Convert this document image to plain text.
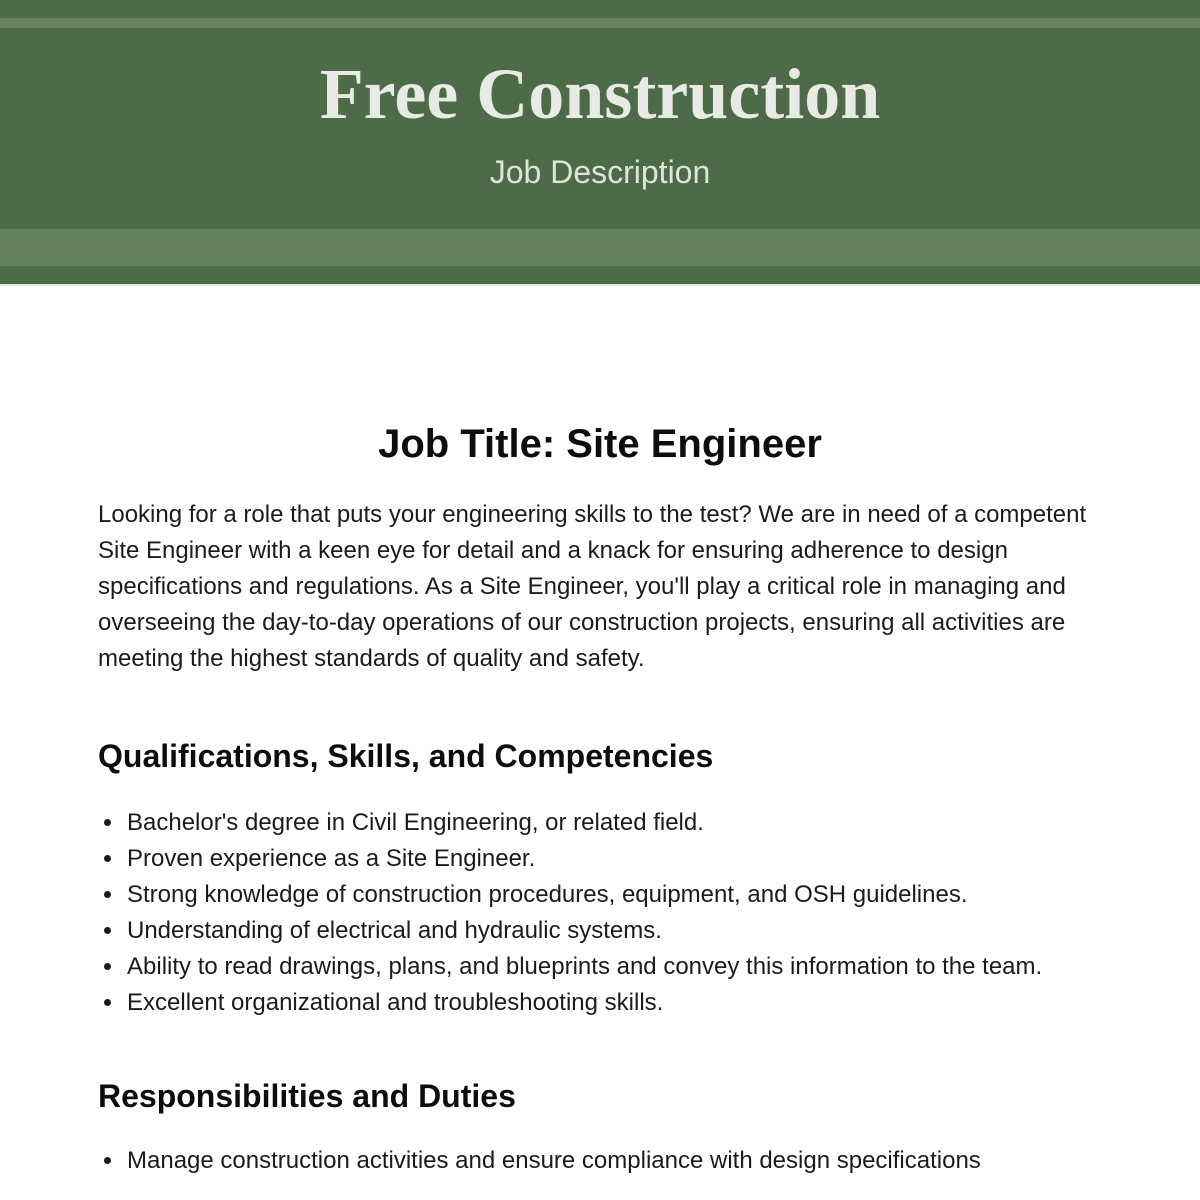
Free Construction
Job Description
Job Title: Site Engineer

Looking for a role that puts your engineering skills to the test? We are in need of a competent Site Engineer with a keen eye for detail and a knack for ensuring adherence to design specifications and regulations. As a Site Engineer, you'll play a critical role in managing and overseeing the day-to-day operations of our construction projects, ensuring all activities are meeting the highest standards of quality and safety.

Qualifications, Skills, and Competencies
• Bachelor's degree in Civil Engineering, or related field.
• Proven experience as a Site Engineer.
• Strong knowledge of construction procedures, equipment, and OSH guidelines.
• Understanding of electrical and hydraulic systems.
• Ability to read drawings, plans, and blueprints and convey this information to the team.
• Excellent organizational and troubleshooting skills.
Responsibilities and Duties
• Manage construction activities and ensure compliance with design specifications
